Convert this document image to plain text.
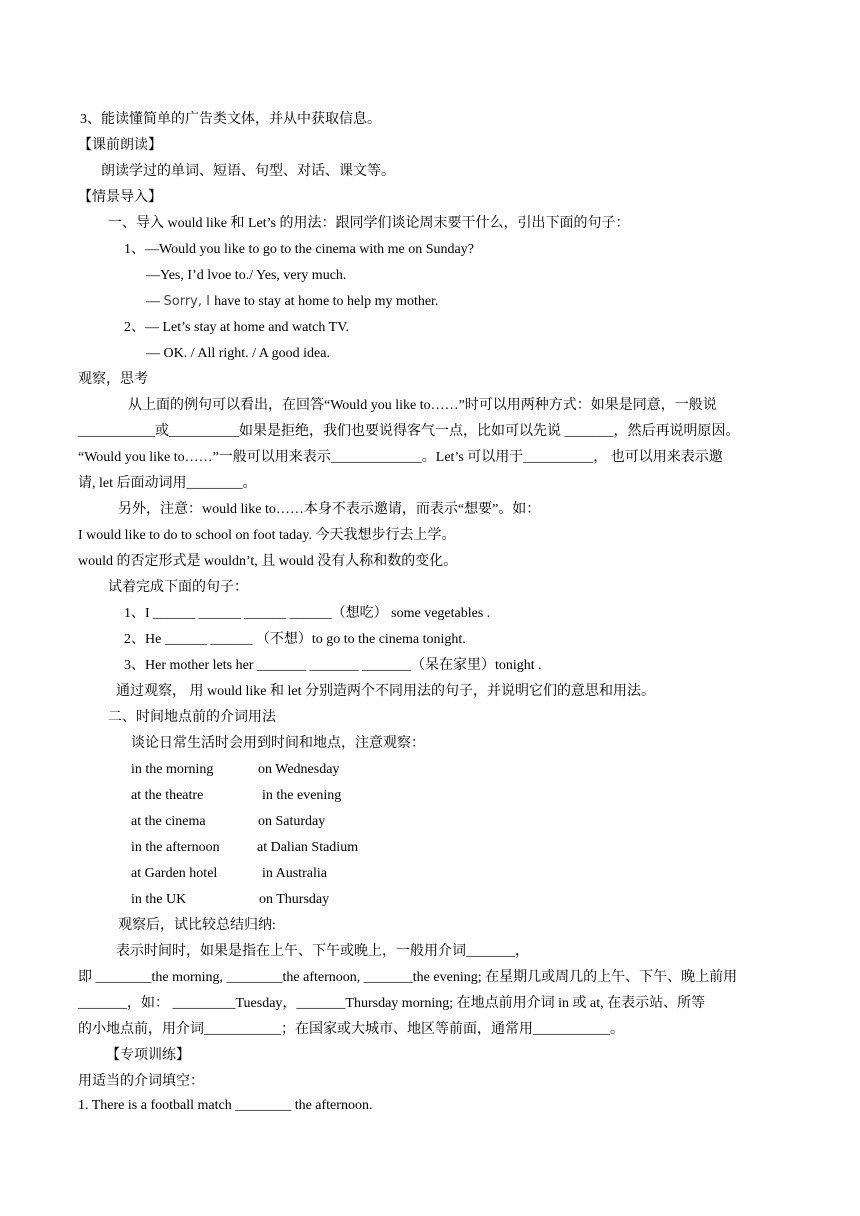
3、能读懂简单的广告类文体，并从中获取信息。
【课前朗读】
朗读学过的单词、短语、句型、对话、课文等。
【情景导入】
一、导入 would like 和 Let’s 的用法：跟同学们谈论周末要干什么，引出下面的句子：
1、—Would you like to go to the cinema with me on Sunday?
—Yes, I’d lvoe to./ Yes, very much.
— Sorry, I have to stay at home to help my mother.
2、— Let’s stay at home and watch TV.
— OK. / All right. / A good idea.
观察，思考
从上面的例句可以看出，在回答“Would you like to……”时可以用两种方式：如果是同意，一般说
___________或__________如果是拒绝，我们也要说得客气一点，比如可以先说 _______，然后再说明原因。
“Would you like to……”一般可以用来表示_____________。Let’s 可以用于__________， 也可以用来表示邀
请, let 后面动词用________。
另外，注意：would like to……本身不表示邀请，而表示“想要”。如：
I would like to do to school on foot taday. 今天我想步行去上学。
would 的否定形式是 wouldn’t, 且 would 没有人称和数的变化。
试着完成下面的句子：
1、I ______ ______ ______ ______（想吃） some vegetables .
2、He ______ ______ （不想）to go to the cinema tonight.
3、Her mother lets her _______ _______ _______（呆在家里）tonight .
通过观察， 用 would like 和 let 分别造两个不同用法的句子，并说明它们的意思和用法。
二、时间地点前的介词用法
谈论日常生活时会用到时间和地点，注意观察：
in the morning	on Wednesday
at the theatre	in the evening
at the cinema	on Saturday
in the afternoon	at Dalian Stadium
at Garden hotel	in Australia
in the UK	on Thursday
观察后，试比较总结归纳:
表示时间时，如果是指在上午、下午或晚上，一般用介词_______，
即 ________the morning, ________the afternoon, _______the evening; 在星期几或周几的上午、下午、晚上前用
_______，如： _________Tuesday，_______Thursday morning; 在地点前用介词 in 或 at, 在表示站、所等
的小地点前，用介词___________；在国家或大城市、地区等前面，通常用___________。
【专项训练】
用适当的介词填空：
1. There is a football match ________ the afternoon.
